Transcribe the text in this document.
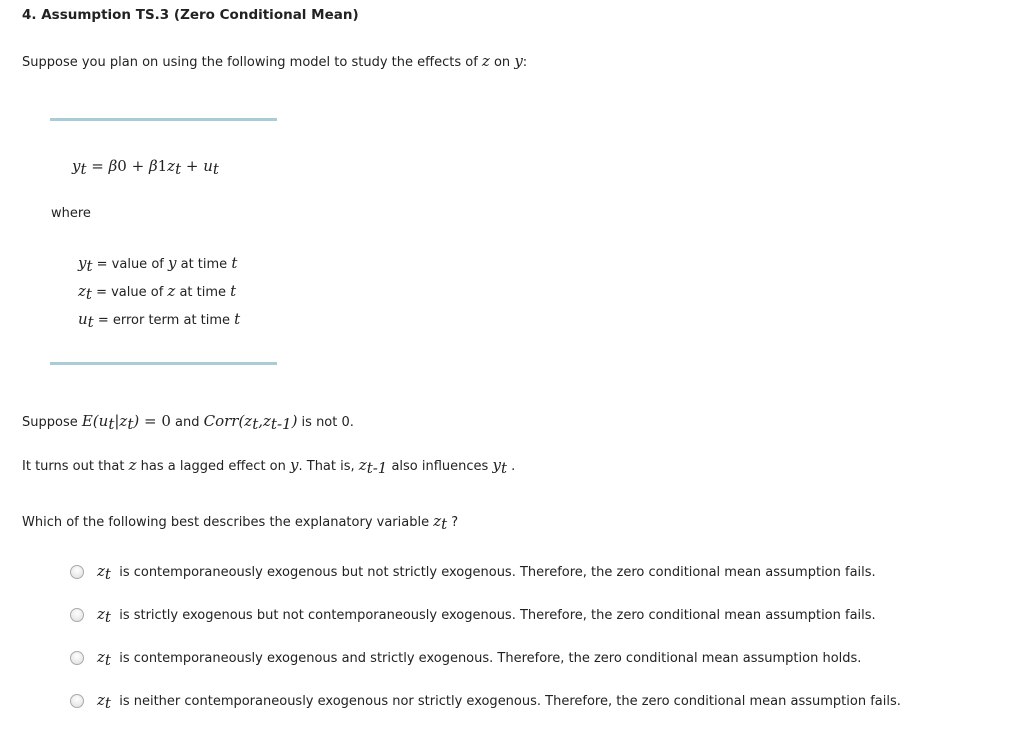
4. Assumption TS.3 (Zero Conditional Mean)
Suppose you plan on using the following model to study the effects of z on y:
$y_t = \beta 0 + \beta 1z_t + u_t$
where
$y_t$ = value of y at time t
$z_t$ = value of z at time t
$u_t$ = error term at time t
Suppose $E(u_t|z_t) = 0$ and $Corr(z_t,z_{t-1})$ is not 0.
It turns out that z has a lagged effect on y. That is, $z_{t-1}$ also influences $y_t$ .
Which of the following best describes the explanatory variable $z_t$ ?
$z_t$ is contemporaneously exogenous but not strictly exogenous. Therefore, the zero conditional mean assumption fails.
$z_t$ is strictly exogenous but not contemporaneously exogenous. Therefore, the zero conditional mean assumption fails.
$z_t$ is contemporaneously exogenous and strictly exogenous. Therefore, the zero conditional mean assumption holds.
$z_t$ is neither contemporaneously exogenous nor strictly exogenous. Therefore, the zero conditional mean assumption fails.
